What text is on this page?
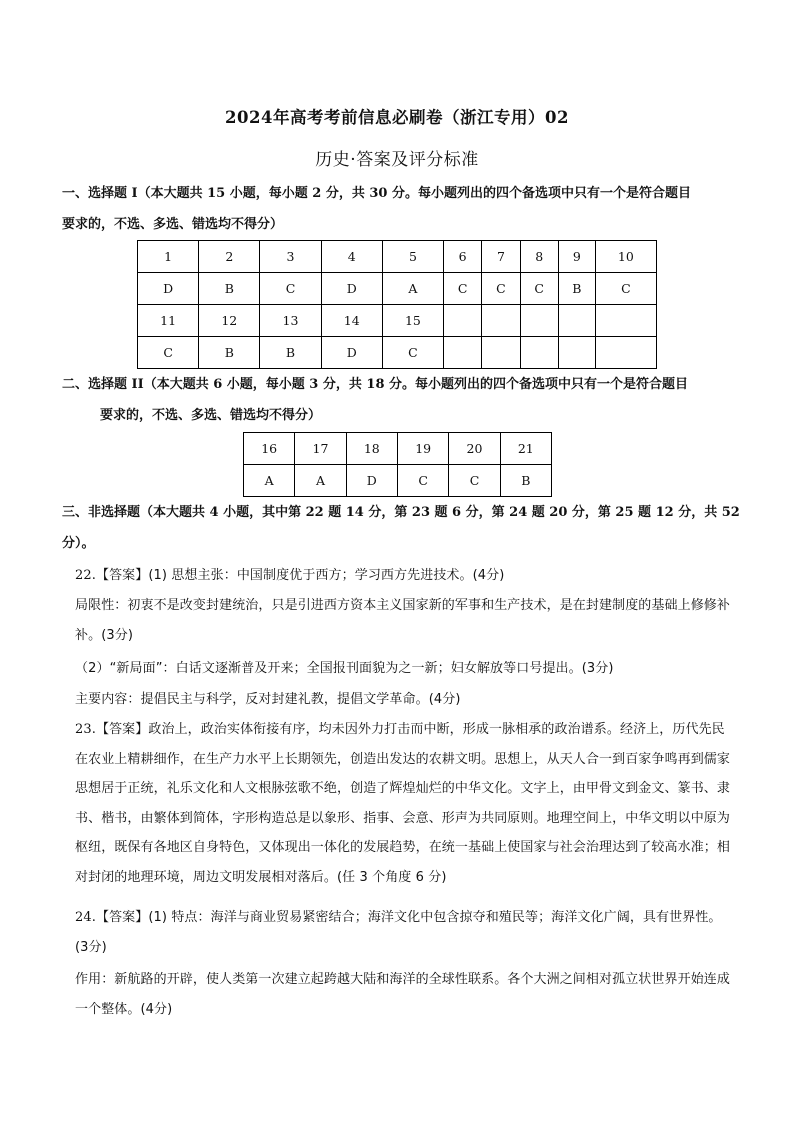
2024年高考考前信息必刷卷（浙江专用）02
历史·答案及评分标准
一、选择题 I（本大题共 15 小题，每小题 2 分，共 30 分。每小题列出的四个备选项中只有一个是符合题目
要求的，不选、多选、错选均不得分）
1	2	3	4	5	6	7	8	9	10
D	B	C	D	A	C	C	C	B	C
11	12	13	14	15					
C	B	B	D	C					
二、选择题 II（本大题共 6 小题，每小题 3 分，共 18 分。每小题列出的四个备选项中只有一个是符合题目
要求的，不选、多选、错选均不得分）
16	17	18	19	20	21
A	A	D	C	C	B
三、非选择题（本大题共 4 小题，其中第 22 题 14 分，第 23 题 6 分，第 24 题 20 分，第 25 题 12 分，共 52
分）。
22.【答案】(1) 思想主张：中国制度优于西方；学习西方先进技术。(4分)
局限性：初衷不是改变封建统治，只是引进西方资本主义国家新的军事和生产技术，是在封建制度的基础上修修补补。(3分)
（2）“新局面”：白话文逐渐普及开来；全国报刊面貌为之一新；妇女解放等口号提出。(3分)
主要内容：提倡民主与科学，反对封建礼教，提倡文学革命。(4分)
23.【答案】政治上，政治实体衔接有序，均未因外力打击而中断，形成一脉相承的政治谱系。经济上，历代先民在农业上精耕细作，在生产力水平上长期领先，创造出发达的农耕文明。思想上，从天人合一到百家争鸣再到儒家思想居于正统，礼乐文化和人文根脉弦歌不绝，创造了辉煌灿烂的中华文化。文字上，由甲骨文到金文、篆书、隶书、楷书，由繁体到简体，字形构造总是以象形、指事、会意、形声为共同原则。地理空间上，中华文明以中原为枢纽，既保有各地区自身特色，又体现出一体化的发展趋势，在统一基础上使国家与社会治理达到了较高水准；相对封闭的地理环境，周边文明发展相对落后。(任 3 个角度 6 分)
24.【答案】(1) 特点：海洋与商业贸易紧密结合；海洋文化中包含掠夺和殖民等；海洋文化广阔，具有世界性。(3分)
作用：新航路的开辟，使人类第一次建立起跨越大陆和海洋的全球性联系。各个大洲之间相对孤立状世界开始连成一个整体。(4分)
